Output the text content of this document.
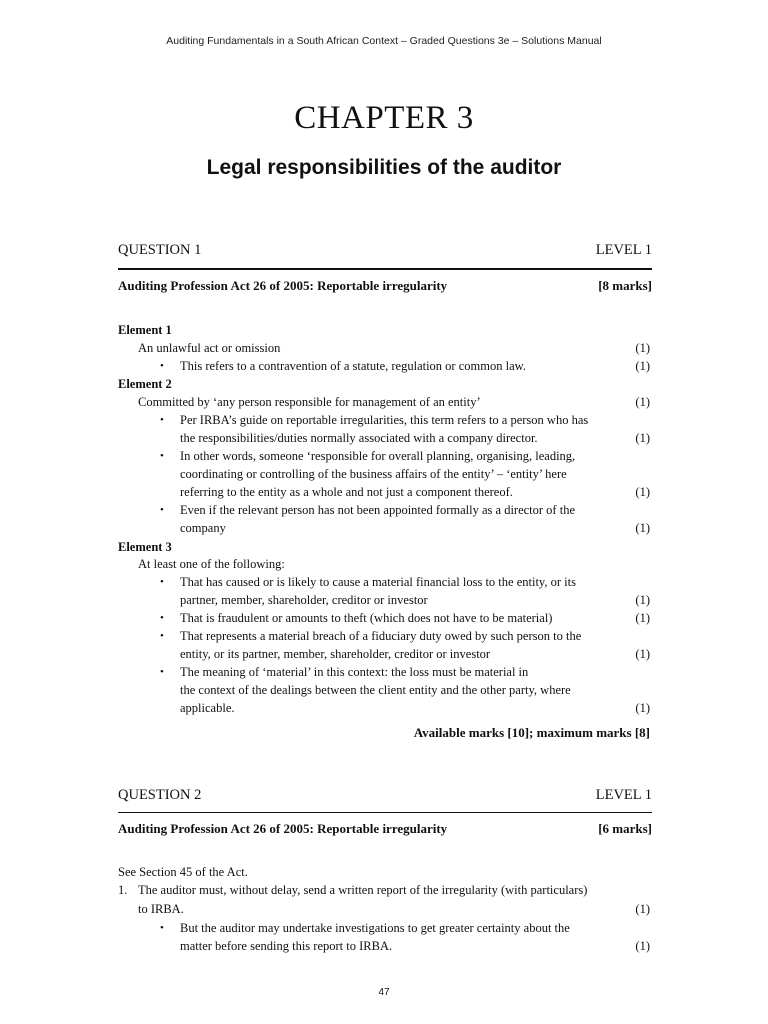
Auditing Fundamentals in a South African Context – Graded Questions 3e – Solutions Manual
CHAPTER 3
Legal responsibilities of the auditor
QUESTION 1	LEVEL 1
Auditing Profession Act 26 of 2005: Reportable irregularity	[8 marks]
Element 1
An unlawful act or omission	(1)
• This refers to a contravention of a statute, regulation or common law.	(1)
Element 2
Committed by ‘any person responsible for management of an entity’	(1)
• Per IRBA’s guide on reportable irregularities, this term refers to a person who has
the responsibilities/duties normally associated with a company director.	(1)
• In other words, someone ‘responsible for overall planning, organising, leading,
coordinating or controlling of the business affairs of the entity’ – ‘entity’ here
referring to the entity as a whole and not just a component thereof.	(1)
• Even if the relevant person has not been appointed formally as a director of the
company	(1)
Element 3
At least one of the following:
• That has caused or is likely to cause a material financial loss to the entity, or its
partner, member, shareholder, creditor or investor	(1)
• That is fraudulent or amounts to theft (which does not have to be material)	(1)
• That represents a material breach of a fiduciary duty owed by such person to the
entity, or its partner, member, shareholder, creditor or investor	(1)
• The meaning of ‘material’ in this context: the loss must be material in
the context of the dealings between the client entity and the other party, where
applicable.	(1)
Available marks [10]; maximum marks [8]
QUESTION 2	LEVEL 1
Auditing Profession Act 26 of 2005: Reportable irregularity	[6 marks]
See Section 45 of the Act.
1. The auditor must, without delay, send a written report of the irregularity (with particulars)
to IRBA.	(1)
• But the auditor may undertake investigations to get greater certainty about the
matter before sending this report to IRBA.	(1)
47
